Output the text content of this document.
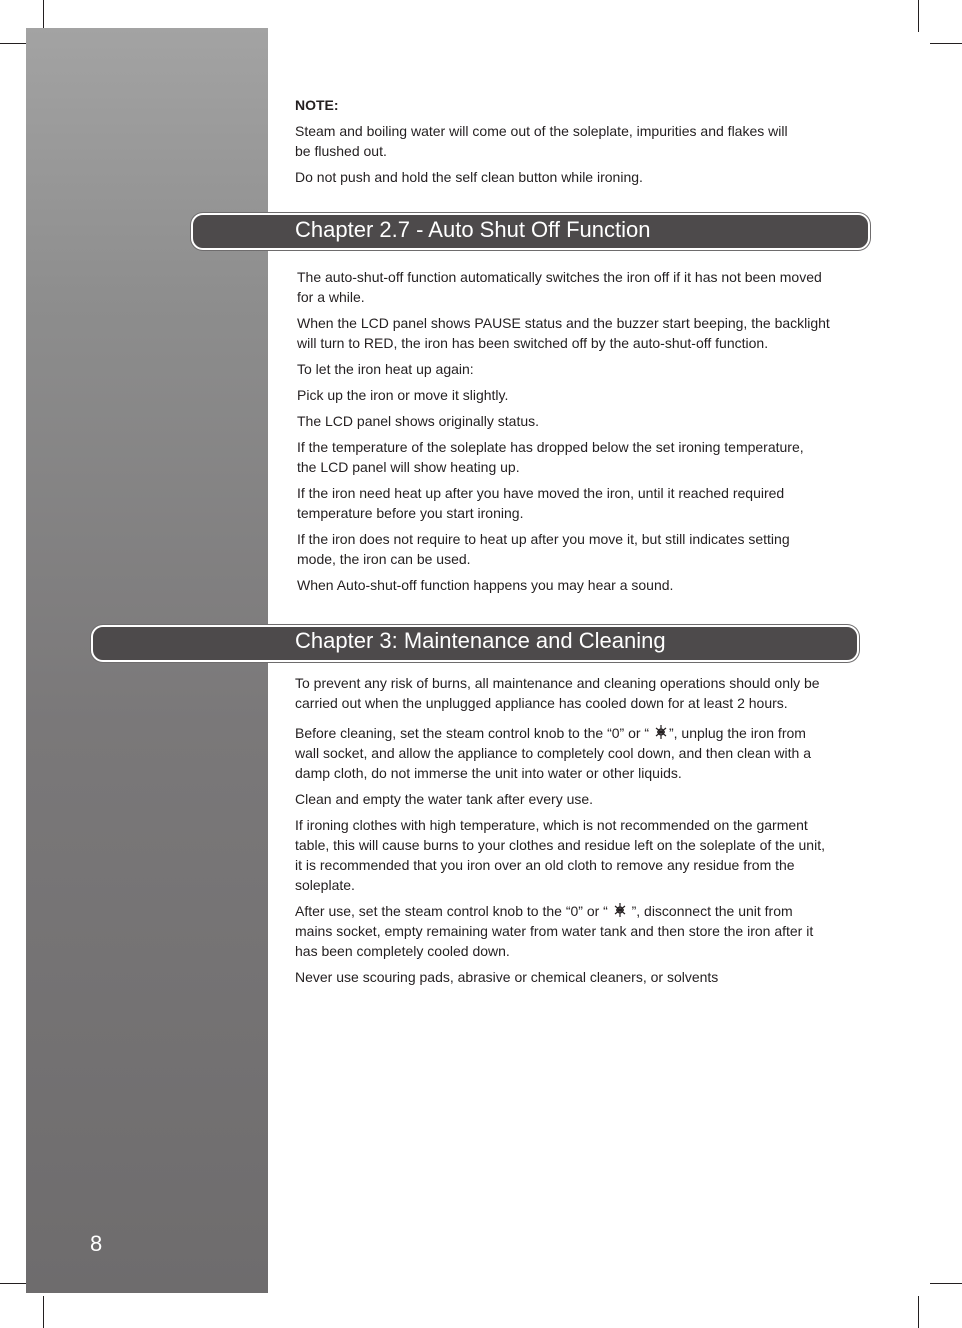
8

NOTE:

Steam and boiling water will come out of the soleplate, impurities and flakes will
be flushed out.

Do not push and hold the self clean button while ironing.

Chapter 2.7 - Auto Shut Off Function

The auto-shut-off function automatically switches the iron off if it has not been moved
for a while.

When the LCD panel shows PAUSE status and the buzzer start beeping, the backlight
will turn to RED, the iron has been switched off by the auto-shut-off function.

To let the iron heat up again:

Pick up the iron or move it slightly.

The LCD panel shows originally status.

If the temperature of the soleplate has dropped below the set ironing temperature,
the LCD panel will show heating up.

If the iron need heat up after you have moved the iron, until it reached required
temperature before you start ironing.

If the iron does not require to heat up after you move it, but still indicates setting
mode, the iron can be used.

When Auto-shut-off function happens you may hear a sound.

Chapter 3: Maintenance and Cleaning

To prevent any risk of burns, all maintenance and cleaning operations should only be
carried out when the unplugged appliance has cooled down for at least 2 hours.

Before cleaning, set the steam control knob to the “0” or “ ”, unplug the iron from
wall socket, and allow the appliance to completely cool down, and then clean with a
damp cloth, do not immerse the unit into water or other liquids.

Clean and empty the water tank after every use.

If ironing clothes with high temperature, which is not recommended on the garment
table, this will cause burns to your clothes and residue left on the soleplate of the unit,
it is recommended that you iron over an old cloth to remove any residue from the
soleplate.

After use, set the steam control knob to the “0” or “  ”, disconnect the unit from
mains socket, empty remaining water from water tank and then store the iron after it
has been completely cooled down.

Never use scouring pads, abrasive or chemical cleaners, or solvents
